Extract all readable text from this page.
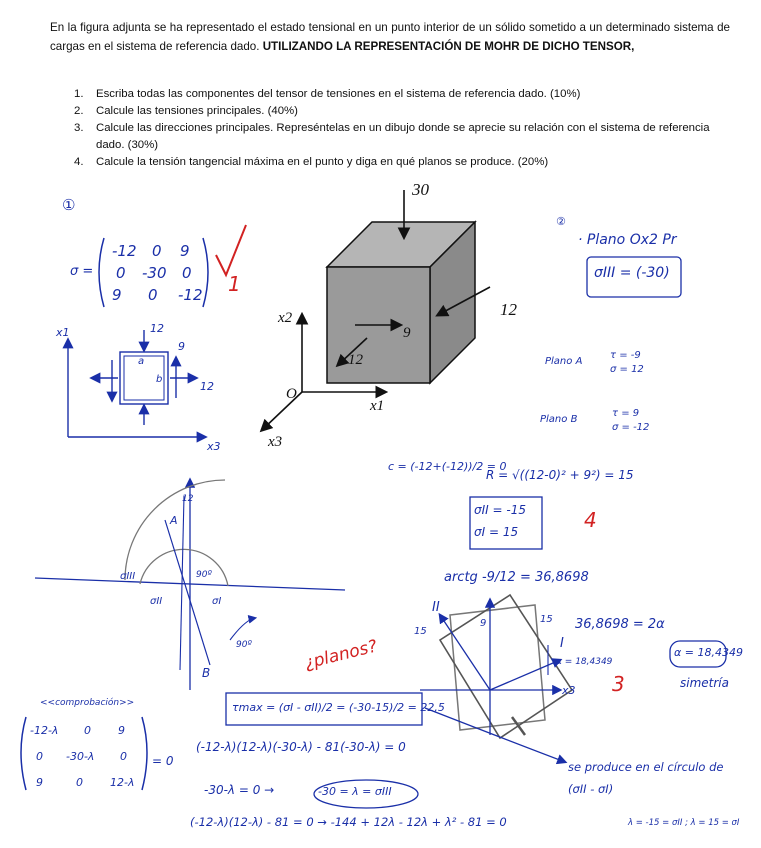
En la figura adjunta se ha representado el estado tensional en un punto interior de un sólido sometido a un determinado sistema de cargas en el sistema de referencia dado. UTILIZANDO LA REPRESENTACIÓN DE MOHR DE DICHO TENSOR,
1.	Escriba todas las componentes del tensor de tensiones en el sistema de referencia dado. (10%)
2.	Calcule las tensiones principales. (40%)
3.	Calcule las direcciones principales. Represéntelas en un dibujo donde se aprecie su relación con el sistema de referencia dado. (30%)
4.	Calcule la tensión tangencial máxima en el punto y diga en qué planos se produce. (20%)
30
12
9
12
x2
x1
x3
O
①
σ =
-12 0 9
0 -30 0
9 0 -12 1
x1
x3
12
9
12
a
b
②
· Plano Ox2 Pr
σIII = (-30)
Plano A
τ = -9
σ = 12
Plano B
τ = 9
σ = -12
c = (-12+(-12))/2 = 0
R = √((12-0)² + 9²) = 15
σII = -15
σI = 15	4
arctg -9/12 = 36,8698
36,8698 = 2α
α = 18,4349
simetría
¿planos?
3
A
B
σII	σI
σIII	90º
90º
12
I
II
α = 18,4349
x3
15
15
9
τmax = (σI - σII)/2 = (-30-15)/2 = 22,5
<<comprobación>>
-12-λ 0 9
0 -30-λ 0
9	0 12-λ
= 0
(-12-λ)(12-λ)(-30-λ) - 81(-30-λ) = 0
-30-λ = 0 →	-30 = λ = σIII
(-12-λ)(12-λ) - 81 = 0 → -144 + 12λ - 12λ + λ² - 81 = 0	λ = -15 = σII ; λ = 15 = σI
se produce en el círculo de (σII - σI)
